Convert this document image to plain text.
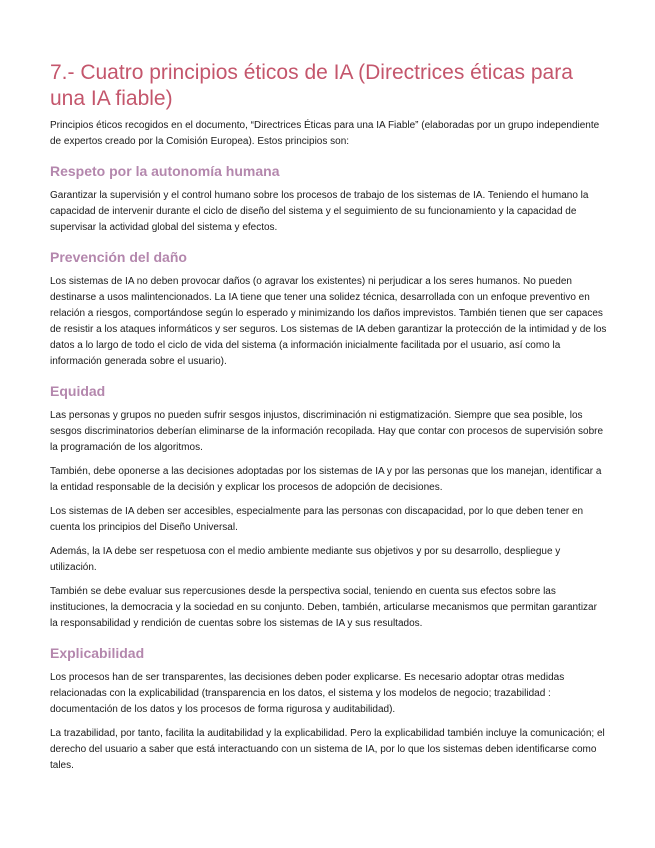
7.- Cuatro principios éticos de IA (Directrices éticas para una IA fiable)

Principios éticos recogidos en el documento, “Directrices Éticas para una IA Fiable” (elaboradas por un grupo independiente de expertos creado por la Comisión Europea). Estos principios son:

Respeto por la autonomía humana

Garantizar la supervisión y el control humano sobre los procesos de trabajo de los sistemas de IA. Teniendo el humano la capacidad de intervenir durante el ciclo de diseño del sistema y el seguimiento de su funcionamiento y la capacidad de supervisar la actividad global del sistema y efectos.

Prevención del daño

Los sistemas de IA no deben provocar daños (o agravar los existentes) ni perjudicar a los seres humanos. No pueden destinarse a usos malintencionados. La IA tiene que tener una solidez técnica, desarrollada con un enfoque preventivo en relación a riesgos, comportándose según lo esperado y minimizando los daños imprevistos. También tienen que ser capaces de resistir a los ataques informáticos y ser seguros. Los sistemas de IA deben garantizar la protección de la intimidad y de los datos a lo largo de todo el ciclo de vida del sistema (a información inicialmente facilitada por el usuario, así como la información generada sobre el usuario).

Equidad

Las personas y grupos no pueden sufrir sesgos injustos, discriminación ni estigmatización. Siempre que sea posible, los sesgos discriminatorios deberían eliminarse de la información recopilada. Hay que contar con procesos de supervisión sobre la programación de los algoritmos.

También, debe oponerse a las decisiones adoptadas por los sistemas de IA y por las personas que los manejan, identificar a la entidad responsable de la decisión y explicar los procesos de adopción de decisiones.

Los sistemas de IA deben ser accesibles, especialmente para las personas con discapacidad, por lo que deben tener en cuenta los principios del Diseño Universal.

Además, la IA debe ser respetuosa con el medio ambiente mediante sus objetivos y por su desarrollo, despliegue y utilización.

También se debe evaluar sus repercusiones desde la perspectiva social, teniendo en cuenta sus efectos sobre las instituciones, la democracia y la sociedad en su conjunto. Deben, también, articularse mecanismos que permitan garantizar la responsabilidad y rendición de cuentas sobre los sistemas de IA y sus resultados.

Explicabilidad

Los procesos han de ser transparentes, las decisiones deben poder explicarse. Es necesario adoptar otras medidas relacionadas con la explicabilidad (transparencia en los datos, el sistema y los modelos de negocio; trazabilidad : documentación de los datos y los procesos de forma rigurosa y auditabilidad).

La trazabilidad, por tanto, facilita la auditabilidad y la explicabilidad. Pero la explicabilidad también incluye la comunicación; el derecho del usuario a saber que está interactuando con un sistema de IA, por lo que los sistemas deben identificarse como tales.
